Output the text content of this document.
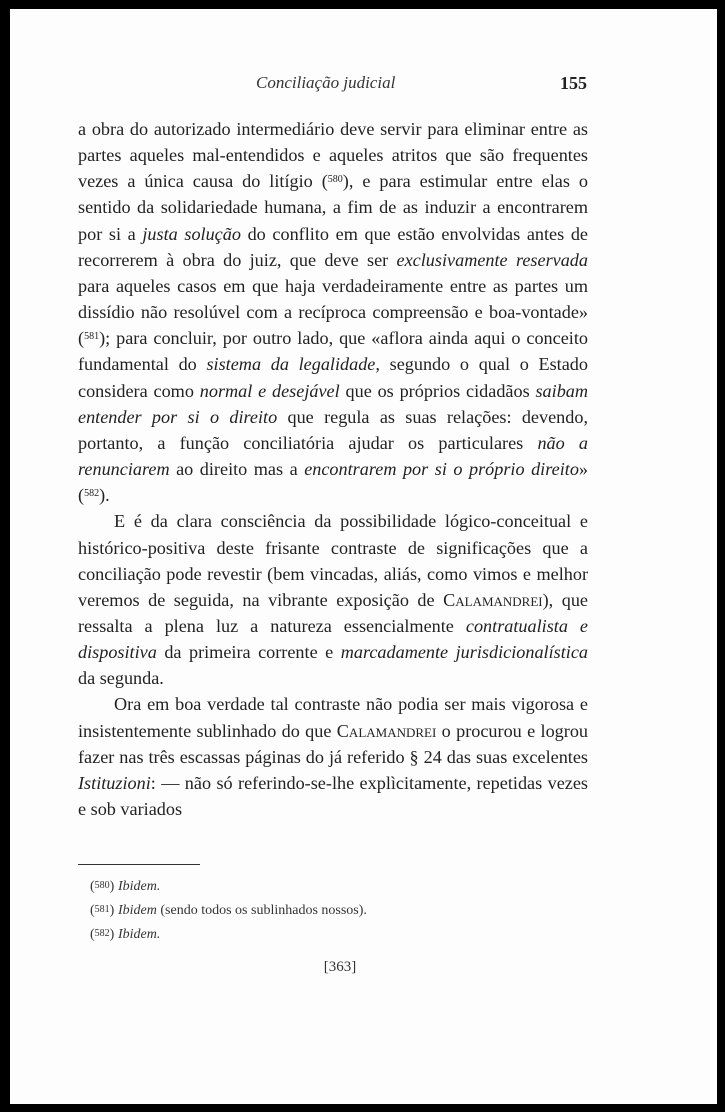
Conciliação judicial	155

a obra do autorizado intermediário deve servir para eliminar entre as partes aqueles mal-entendidos e aqueles atritos que são frequentes vezes a única causa do litígio ($^{580}$), e para estimular entre elas o sentido da solidariedade humana, a fim de as induzir a encontrarem por si a justa solução do conflito em que estão envolvidas antes de recorrerem à obra do juiz, que deve ser exclusivamente reservada para aqueles casos em que haja verdadeiramente entre as partes um dissídio não resolúvel com a recíproca compreensão e boa-vontade» ($^{581}$); para concluir, por outro lado, que «aflora ainda aqui o conceito fundamental do sistema da legalidade, segundo o qual o Estado considera como normal e desejável que os próprios cidadãos saibam entender por si o direito que regula as suas relações: devendo, portanto, a função conciliatória ajudar os particulares não a renunciarem ao direito mas a encontrarem por si o próprio direito» ($^{582}$).

E é da clara consciência da possibilidade lógico-conceitual e histórico-positiva deste frisante contraste de significações que a conciliação pode revestir (bem vincadas, aliás, como vimos e melhor veremos de seguida, na vibrante exposição de Calamandrei), que ressalta a plena luz a natureza essencialmente contratualista e dispositiva da primeira corrente e marcadamente jurisdicionalística da segunda.

Ora em boa verdade tal contraste não podia ser mais vigorosa e insistentemente sublinhado do que Calamandrei o procurou e logrou fazer nas três escassas páginas do já referido § 24 das suas excelentes Istituzioni: — não só referindo-se-lhe explìcitamente, repetidas vezes e sob variados

($^{580}$) Ibidem.
($^{581}$) Ibidem (sendo todos os sublinhados nossos).
($^{582}$) Ibidem.
[363]
